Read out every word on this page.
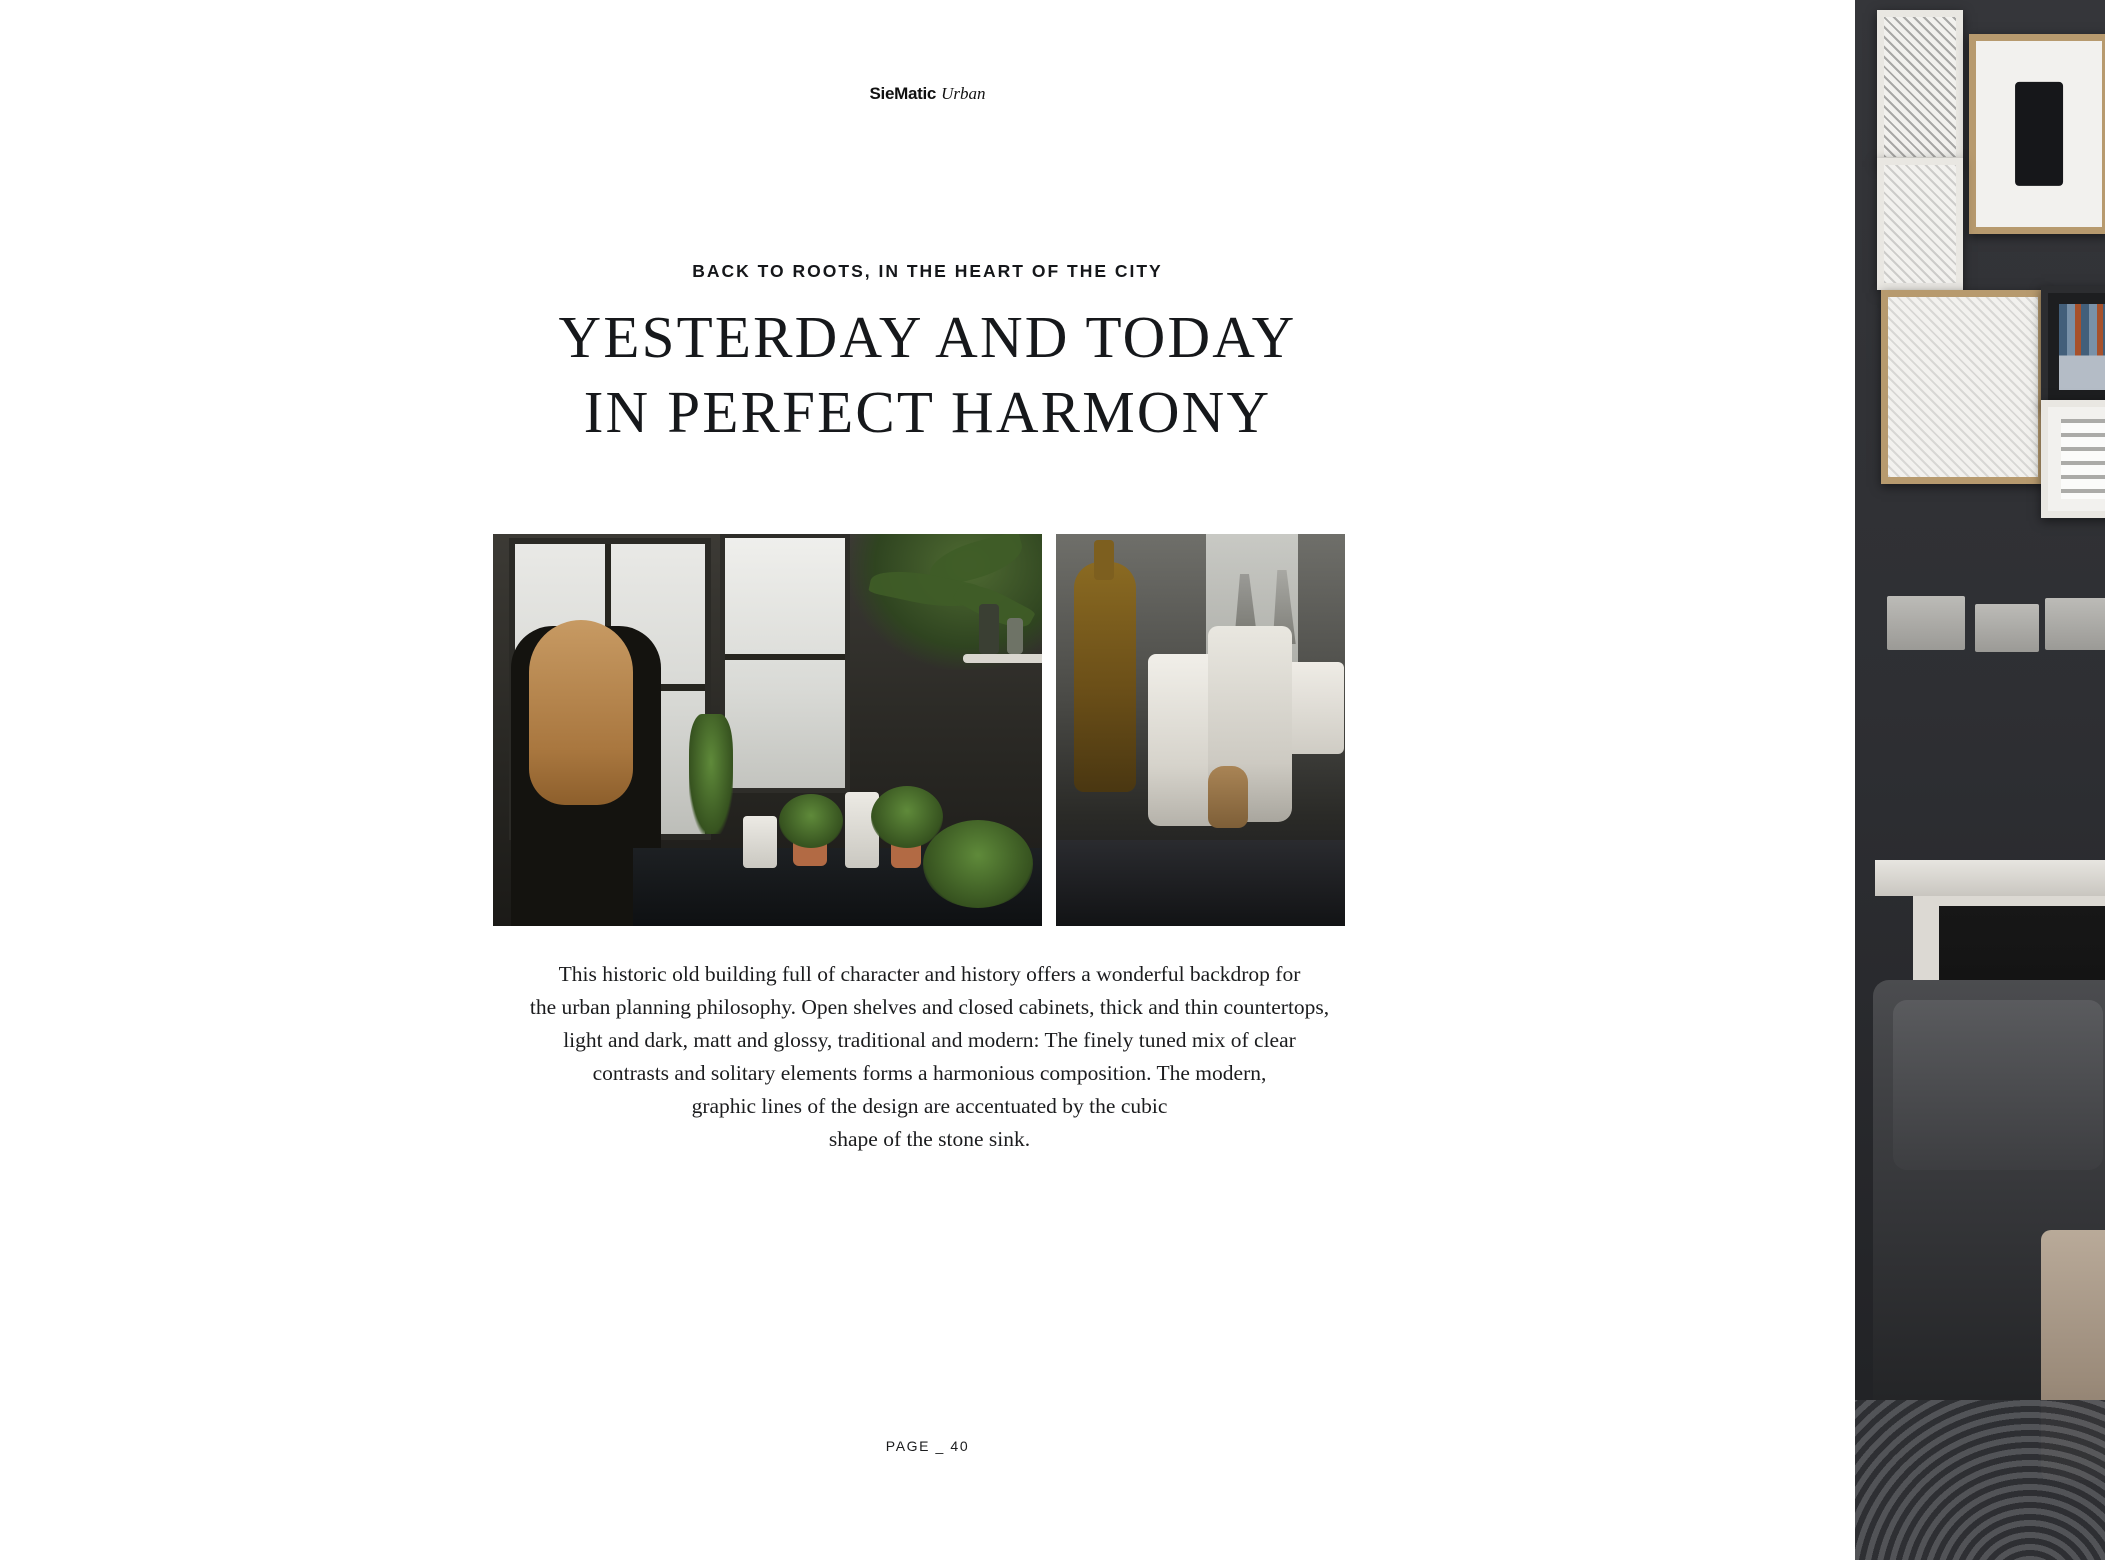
SieMatic Urban
BACK TO ROOTS, IN THE HEART OF THE CITY
YESTERDAY AND TODAY
IN PERFECT HARMONY

This historic old building full of character and history offers a wonderful backdrop for

the urban planning philosophy. Open shelves and closed cabinets, thick and thin countertops,

light and dark, matt and glossy, traditional and modern: The finely tuned mix of clear

contrasts and solitary elements forms a harmonious composition. The modern,

graphic lines of the design are accentuated by the cubic

shape of the stone sink.

PAGE _ 40
